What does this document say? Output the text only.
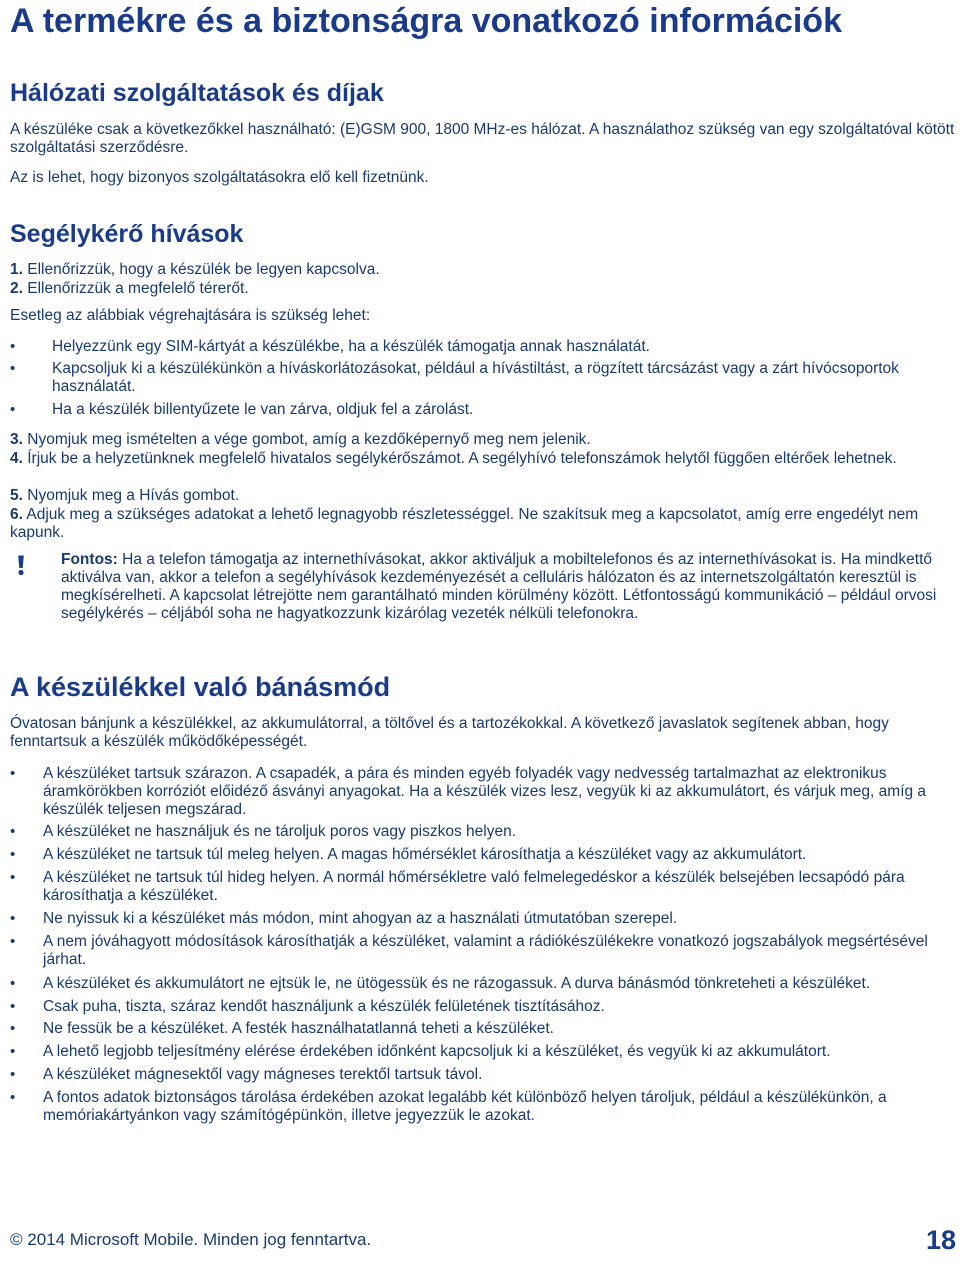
A termékre és a biztonságra vonatkozó információk
Hálózati szolgáltatások és díjak

A készüléke csak a következőkkel használható: (E)GSM 900, 1800 MHz-es hálózat. A használathoz szükség van egy szolgáltatóval kötött szolgáltatási szerződésre.

Az is lehet, hogy bizonyos szolgáltatásokra elő kell fizetnünk.

Segélykérő hívások

1. Ellenőrizzük, hogy a készülék be legyen kapcsolva.

2. Ellenőrizzük a megfelelő térerőt.

Esetleg az alábbiak végrehajtására is szükség lehet:

• Helyezzünk egy SIM-kártyát a készülékbe, ha a készülék támogatja annak használatát.
• Kapcsoljuk ki a készülékünkön a híváskorlátozásokat, például a hívástiltást, a rögzített tárcsázást vagy a zárt hívócsoportok használatát.
• Ha a készülék billentyűzete le van zárva, oldjuk fel a zárolást.

3. Nyomjuk meg ismételten a vége gombot, amíg a kezdőképernyő meg nem jelenik.

4. Írjuk be a helyzetünknek megfelelő hivatalos segélykérőszámot. A segélyhívó telefonszámok helytől függően eltérőek lehetnek.

5. Nyomjuk meg a Hívás gombot.

6. Adjuk meg a szükséges adatokat a lehető legnagyobb részletességgel. Ne szakítsuk meg a kapcsolatot, amíg erre engedélyt nem kapunk.

Fontos: Ha a telefon támogatja az internethívásokat, akkor aktiváljuk a mobiltelefonos és az internethívásokat is. Ha mindkettő aktiválva van, akkor a telefon a segélyhívások kezdeményezését a celluláris hálózaton és az internetszolgáltatón keresztül is megkísérelheti. A kapcsolat létrejötte nem garantálható minden körülmény között. Létfontosságú kommunikáció – például orvosi segélykérés – céljából soha ne hagyatkozzunk kizárólag vezeték nélküli telefonokra.

A készülékkel való bánásmód

Óvatosan bánjunk a készülékkel, az akkumulátorral, a töltővel és a tartozékokkal. A következő javaslatok segítenek abban, hogy fenntartsuk a készülék működőképességét.

• A készüléket tartsuk szárazon. A csapadék, a pára és minden egyéb folyadék vagy nedvesség tartalmazhat az elektronikus áramkörökben korróziót előidéző ásványi anyagokat. Ha a készülék vizes lesz, vegyük ki az akkumulátort, és várjuk meg, amíg a készülék teljesen megszárad.
• A készüléket ne használjuk és ne tároljuk poros vagy piszkos helyen.
• A készüléket ne tartsuk túl meleg helyen. A magas hőmérséklet károsíthatja a készüléket vagy az akkumulátort.
• A készüléket ne tartsuk túl hideg helyen. A normál hőmérsékletre való felmelegedéskor a készülék belsejében lecsapódó pára károsíthatja a készüléket.
• Ne nyissuk ki a készüléket más módon, mint ahogyan az a használati útmutatóban szerepel.
• A nem jóváhagyott módosítások károsíthatják a készüléket, valamint a rádiókészülékekre vonatkozó jogszabályok megsértésével járhat.
• A készüléket és akkumulátort ne ejtsük le, ne ütögessük és ne rázogassuk. A durva bánásmód tönkreteheti a készüléket.
• Csak puha, tiszta, száraz kendőt használjunk a készülék felületének tisztításához.
• Ne fessük be a készüléket. A festék használhatatlanná teheti a készüléket.
• A lehető legjobb teljesítmény elérése érdekében időnként kapcsoljuk ki a készüléket, és vegyük ki az akkumulátort.
• A készüléket mágnesektől vagy mágneses terektől tartsuk távol.
• A fontos adatok biztonságos tárolása érdekében azokat legalább két különböző helyen tároljuk, például a készülékünkön, a memóriakártyánkon vagy számítógépünkön, illetve jegyezzük le azokat.
© 2014 Microsoft Mobile. Minden jog fenntartva.	18
